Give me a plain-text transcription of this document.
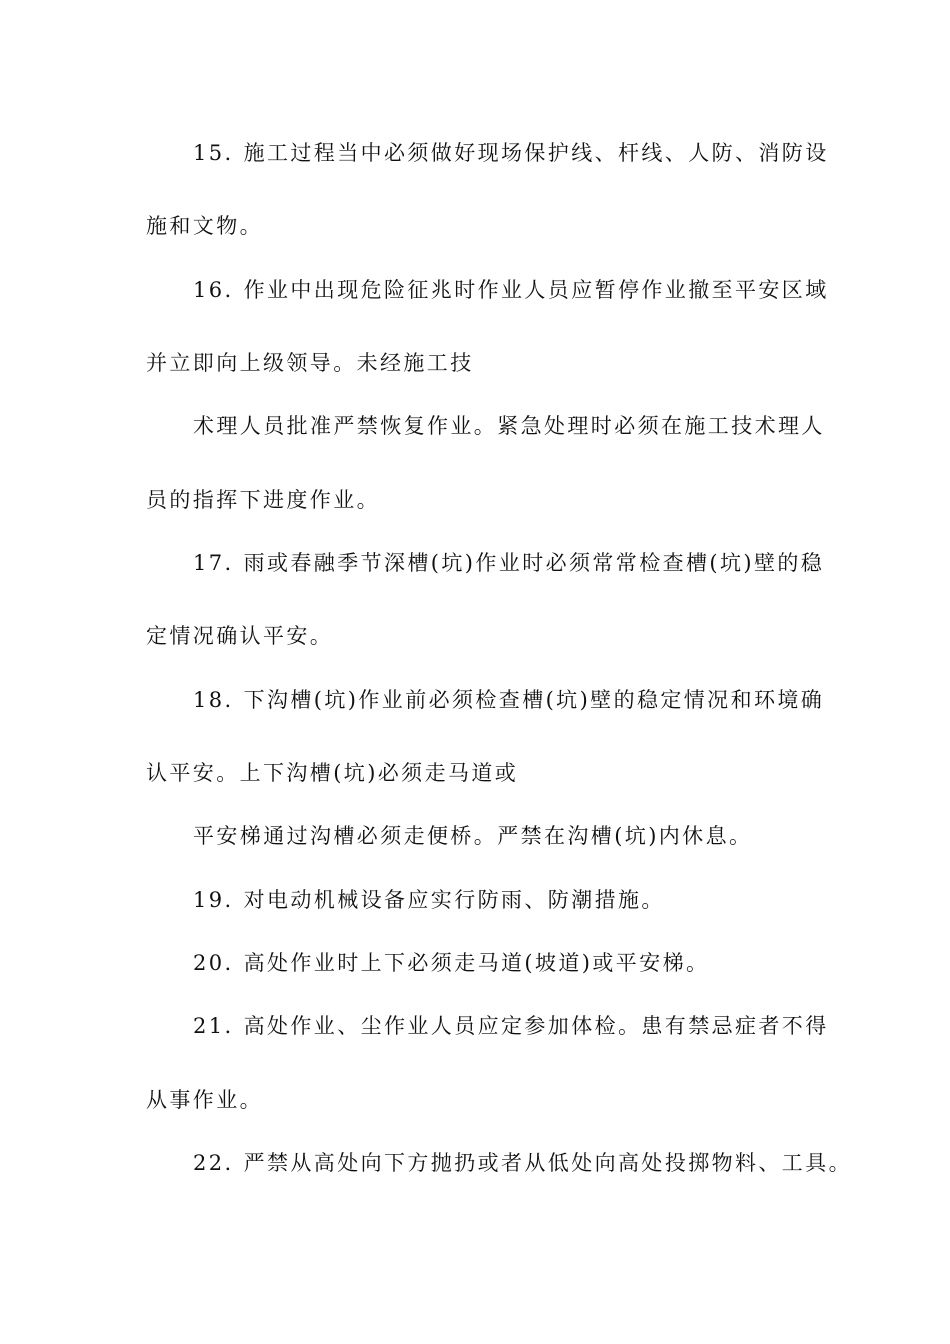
15. 施工过程当中必须做好现场保护线、杆线、人防、消防设
施和文物。
16. 作业中出现危险征兆时作业人员应暂停作业撤至平安区域
并立即向上级领导。未经施工技
术理人员批准严禁恢复作业。紧急处理时必须在施工技术理人
员的指挥下进度作业。
17. 雨或春融季节深槽(坑)作业时必须常常检查槽(坑)壁的稳
定情况确认平安。
18. 下沟槽(坑)作业前必须检查槽(坑)壁的稳定情况和环境确
认平安。上下沟槽(坑)必须走马道或
平安梯通过沟槽必须走便桥。严禁在沟槽(坑)内休息。
19. 对电动机械设备应实行防雨、防潮措施。
20. 高处作业时上下必须走马道(坡道)或平安梯。
21. 高处作业、尘作业人员应定参加体检。患有禁忌症者不得
从事作业。
22. 严禁从高处向下方抛扔或者从低处向高处投掷物料、工具。
